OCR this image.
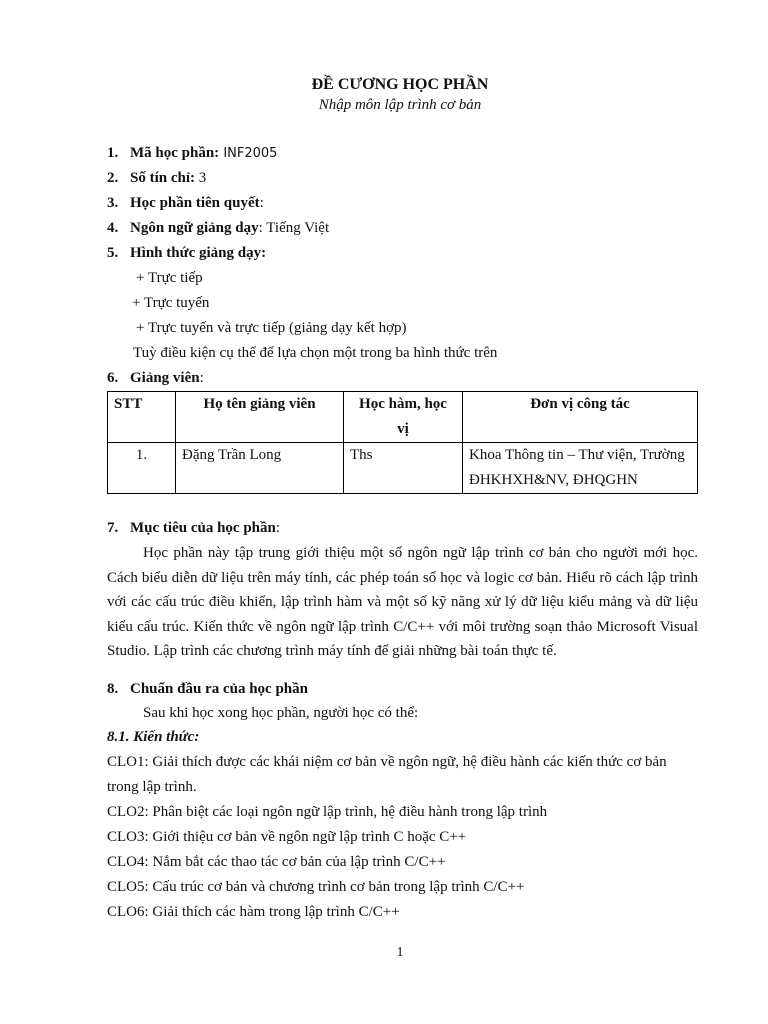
ĐỀ CƯƠNG HỌC PHẦN
Nhập môn lập trình cơ bản
1. Mã học phần: INF2005
2. Số tín chỉ: 3
3. Học phần tiên quyết:
4. Ngôn ngữ giảng dạy: Tiếng Việt
5. Hình thức giảng dạy:
+ Trực tiếp
+ Trực tuyến
+ Trực tuyến và trực tiếp (giảng dạy kết hợp)
Tuỳ điều kiện cụ thể để lựa chọn một trong ba hình thức trên
6. Giảng viên:
STT	Họ tên giảng viên	Học hàm, học vị	Đơn vị công tác
1.	Đặng Trần Long	Ths	Khoa Thông tin – Thư viện, Trường ĐHKHXH&NV, ĐHQGHN
7. Mục tiêu của học phần:
Học phần này tập trung giới thiệu một số ngôn ngữ lập trình cơ bản cho người mới học. Cách biểu diễn dữ liệu trên máy tính, các phép toán số học và logic cơ bản. Hiểu rõ cách lập trình với các cấu trúc điều khiển, lập trình hàm và một số kỹ năng xử lý dữ liệu kiểu mảng và dữ liệu kiểu cấu trúc. Kiến thức về ngôn ngữ lập trình C/C++ với môi trường soạn thảo Microsoft Visual Studio. Lập trình các chương trình máy tính để giải những bài toán thực tế.
8. Chuẩn đầu ra của học phần
Sau khi học xong học phần, người học có thể:
8.1. Kiến thức:
CLO1: Giải thích được các khái niệm cơ bản về ngôn ngữ, hệ điều hành các kiến thức cơ bản trong lập trình.
CLO2: Phân biệt các loại ngôn ngữ lập trình, hệ điều hành trong lập trình
CLO3: Giới thiệu cơ bản về ngôn ngữ lập trình C hoặc C++
CLO4: Nắm bắt các thao tác cơ bản của lập trình C/C++
CLO5: Cấu trúc cơ bản và chương trình cơ bản trong lập trình C/C++
CLO6: Giải thích các hàm trong lập trình C/C++
1
